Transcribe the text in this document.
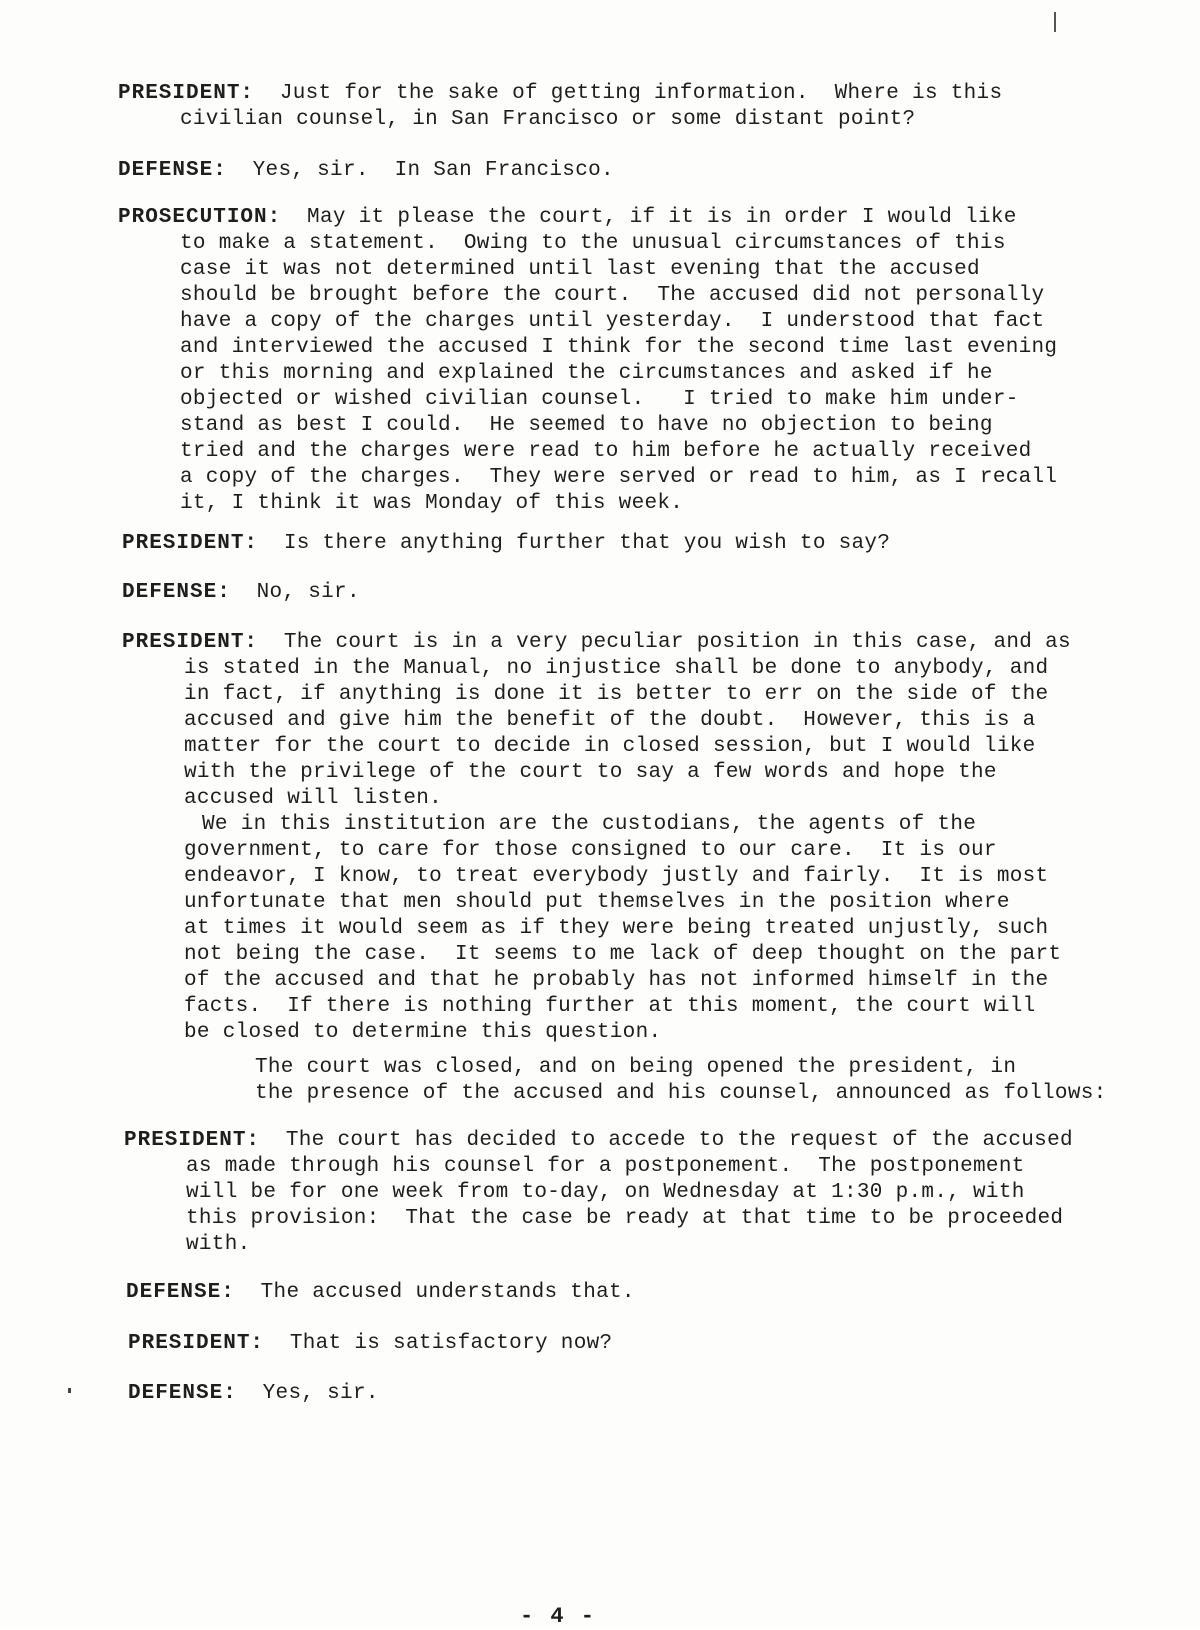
PRESIDENT: Just for the sake of getting information.  Where is this
civilian counsel, in San Francisco or some distant point?
DEFENSE: Yes, sir.  In San Francisco.
PROSECUTION: May it please the court, if it is in order I would like
to make a statement.  Owing to the unusual circumstances of this
case it was not determined until last evening that the accused
should be brought before the court.  The accused did not personally
have a copy of the charges until yesterday.  I understood that fact
and interviewed the accused I think for the second time last evening
or this morning and explained the circumstances and asked if he
objected or wished civilian counsel.   I tried to make him under-
stand as best I could.  He seemed to have no objection to being
tried and the charges were read to him before he actually received
a copy of the charges.  They were served or read to him, as I recall
it, I think it was Monday of this week.
PRESIDENT: Is there anything further that you wish to say?
DEFENSE: No, sir.
PRESIDENT: The court is in a very peculiar position in this case, and as
is stated in the Manual, no injustice shall be done to anybody, and
in fact, if anything is done it is better to err on the side of the
accused and give him the benefit of the doubt.  However, this is a
matter for the court to decide in closed session, but I would like
with the privilege of the court to say a few words and hope the
accused will listen.
We in this institution are the custodians, the agents of the
government, to care for those consigned to our care.  It is our
endeavor, I know, to treat everybody justly and fairly.  It is most
unfortunate that men should put themselves in the position where
at times it would seem as if they were being treated unjustly, such
not being the case.  It seems to me lack of deep thought on the part
of the accused and that he probably has not informed himself in the
facts.  If there is nothing further at this moment, the court will
be closed to determine this question.
The court was closed, and on being opened the president, in
the presence of the accused and his counsel, announced as follows:
PRESIDENT: The court has decided to accede to the request of the accused
as made through his counsel for a postponement.  The postponement
will be for one week from to-day, on Wednesday at 1:30 p.m., with
this provision:  That the case be ready at that time to be proceeded
with.
DEFENSE: The accused understands that.
PRESIDENT: That is satisfactory now?
DEFENSE: Yes, sir.
- 4 -
